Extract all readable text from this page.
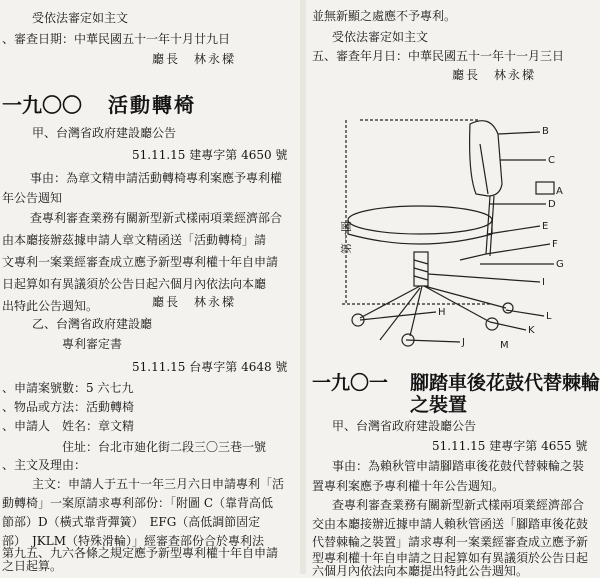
受依法審定如主文
、審查日期：中華民國五十一年十月廿九日
廳長　林永樑
一九〇〇 活動轉椅
甲、台灣省政府建設廳公告
51.11.15 建專字第 4650 號
事由：為章文精申請活動轉椅專利案應予專利權
年公告週知
查專利審查業務有關新型新式樣兩項業經濟部合
由本廳接辦茲據申請人章文精函送「活動轉椅」請
文專利一案業經審查成立應予新型專利權十年自申請
日起算如有異議須於公告日起六個月內依法向本廳
出特此公告週知。	廳長　林永樑
乙、台灣省政府建設廳
專利審定書
51.11.15 台專字第 4648 號
、申請案號數：5 六七九
、物品或方法：活動轉椅
、申請人　姓名：章文精
住址：台北市廸化街二段三〇三巷一號
、主文及理由：
主文：申請人于五十一年三月六日申請專利「活
動轉椅」一案原請求專利部份：「附圖 C（靠背高低
節部）D（橫式靠背彈簧）　EFG（高低調節固定
部）　JKLM（特殊滑輪）」經審查部份合於專利法
第九五、九六各條之規定應予新型專利權十年自申請
之日起算。
並無新顯之處應不予專利。
受依法審定如主文
五、審查年月日：中華民國五十一年十一月三日
廳長　林永樑
第一圖
B
C
D
E
F
G
H
I
J
K
L
M
A
一九〇一 腳踏車後花鼓代替棘輪
之裝置
甲、台灣省政府建設廳公告
51.11.15 建專字第 4655 號
事由：為賴秋管申請腳踏車後花鼓代替棘輪之裝
置專利案應予專利權十年公告週知。
查專利審查業務有關新型新式樣兩項業經濟部合
交由本廳接辦近據申請人賴秋管函送「腳踏車後花鼓
代替棘輪之裝置」請求專利一案業經審查成立應予新
型專利權十年自申請之日起算如有異議須於公告日起
六個月內依法向本廳提出特此公告週知。
